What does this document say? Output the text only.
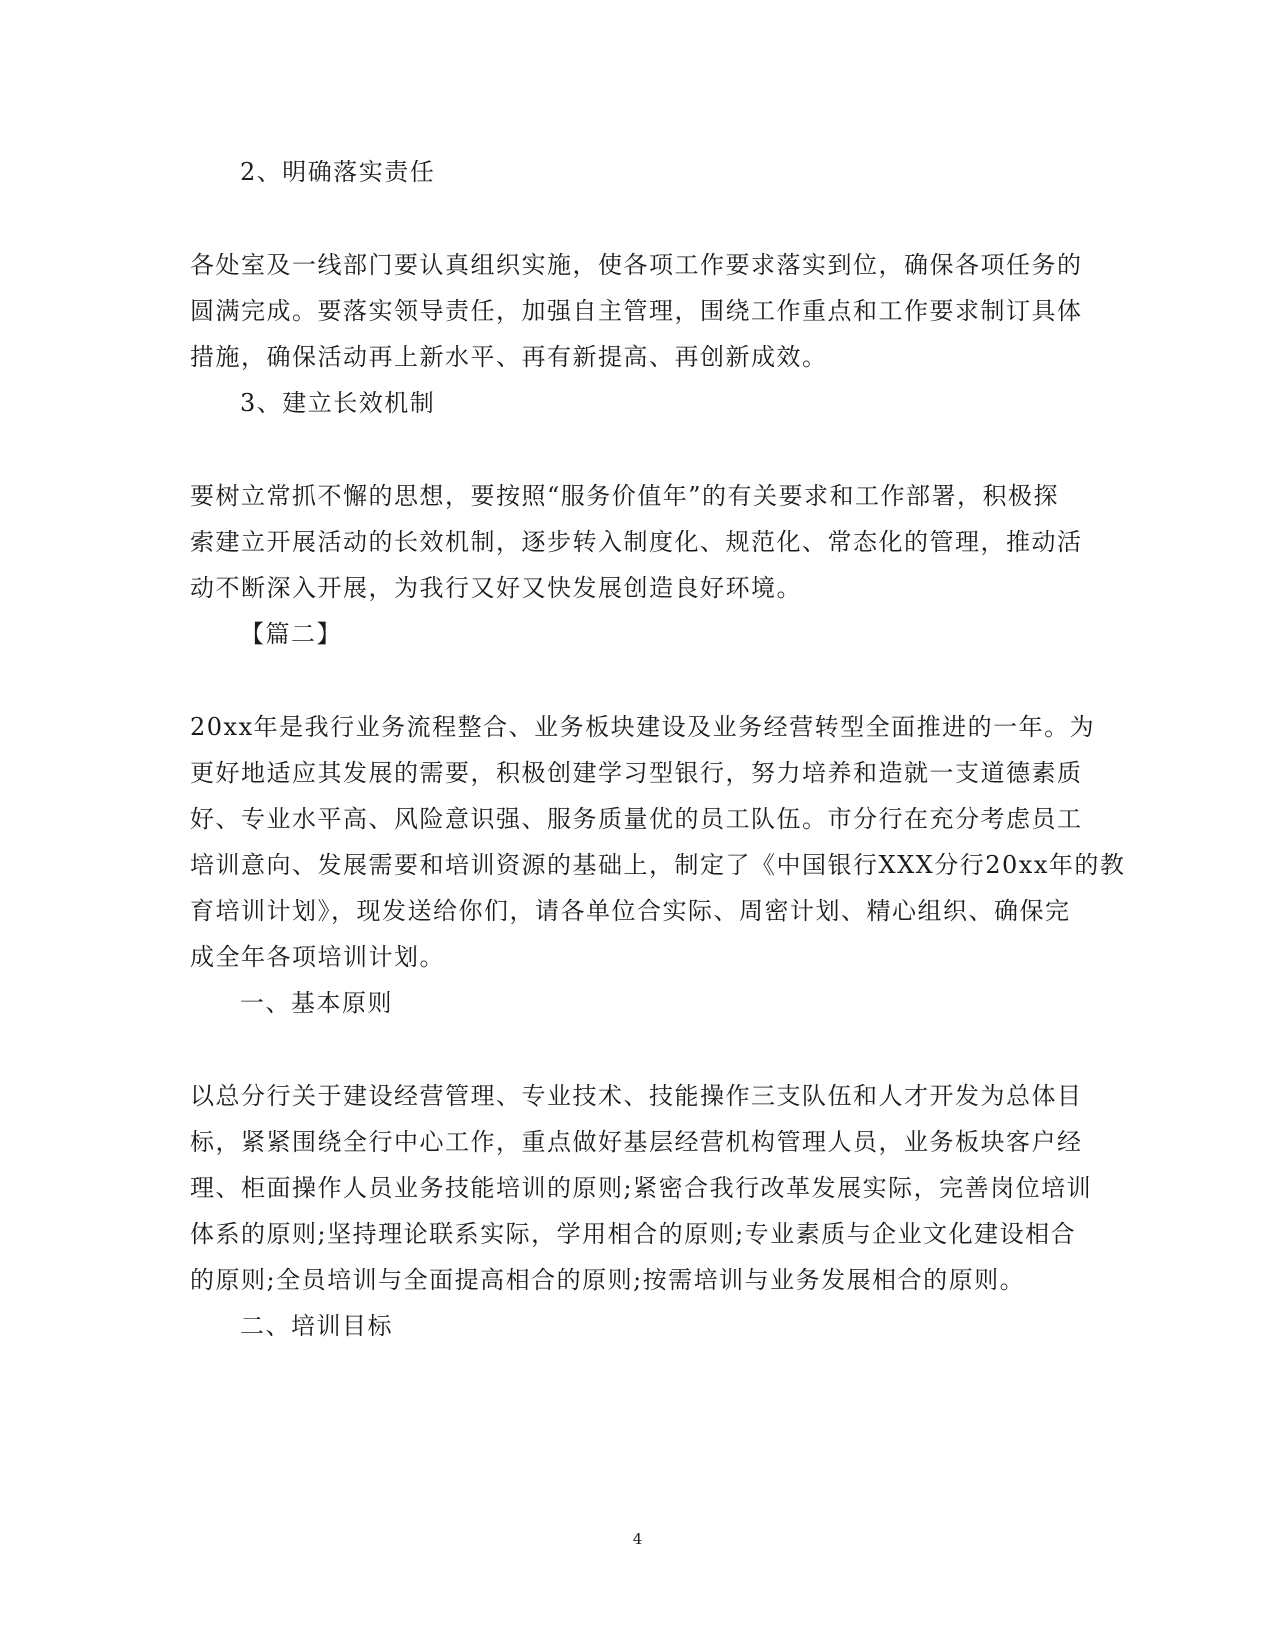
2、明确落实责任
各处室及一线部门要认真组织实施，使各项工作要求落实到位，确保各项任务的
圆满完成。要落实领导责任，加强自主管理，围绕工作重点和工作要求制订具体
措施，确保活动再上新水平、再有新提高、再创新成效。
3、建立长效机制
要树立常抓不懈的思想，要按照“服务价值年”的有关要求和工作部署，积极探
索建立开展活动的长效机制，逐步转入制度化、规范化、常态化的管理，推动活
动不断深入开展，为我行又好又快发展创造良好环境。
【篇二】
20xx年是我行业务流程整合、业务板块建设及业务经营转型全面推进的一年。为
更好地适应其发展的需要，积极创建学习型银行，努力培养和造就一支道德素质
好、专业水平高、风险意识强、服务质量优的员工队伍。市分行在充分考虑员工
培训意向、发展需要和培训资源的基础上，制定了《中国银行XXX分行20xx年的教
育培训计划》，现发送给你们，请各单位合实际、周密计划、精心组织、确保完
成全年各项培训计划。
一、基本原则
以总分行关于建设经营管理、专业技术、技能操作三支队伍和人才开发为总体目
标，紧紧围绕全行中心工作，重点做好基层经营机构管理人员，业务板块客户经
理、柜面操作人员业务技能培训的原则;紧密合我行改革发展实际，完善岗位培训
体系的原则;坚持理论联系实际，学用相合的原则;专业素质与企业文化建设相合
的原则;全员培训与全面提高相合的原则;按需培训与业务发展相合的原则。
二、培训目标
4
